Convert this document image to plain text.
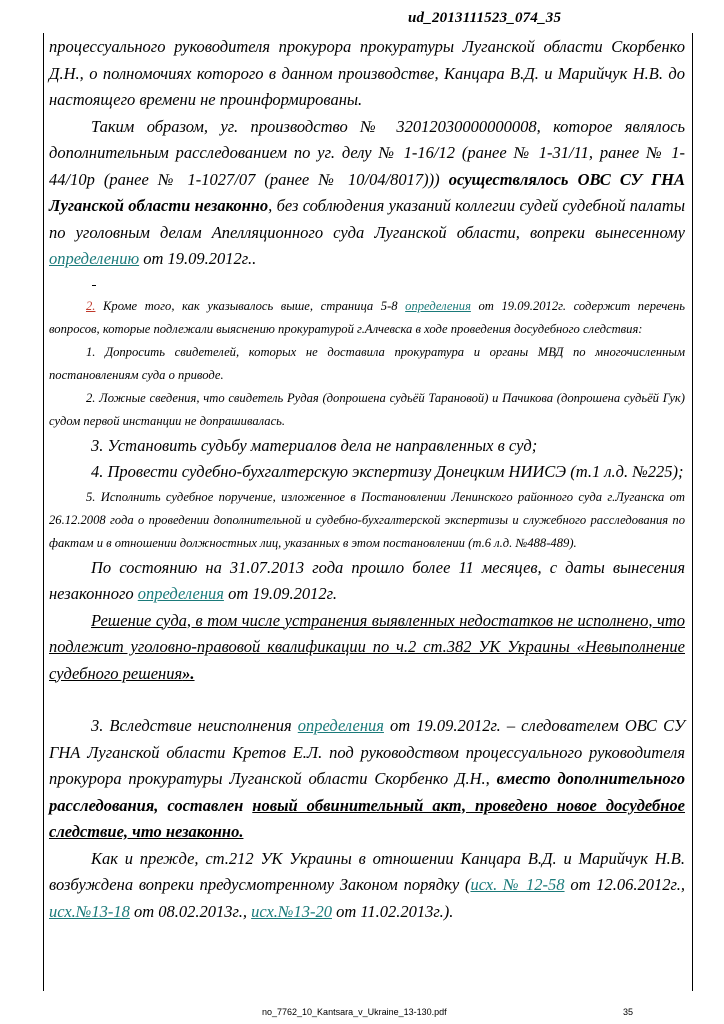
ud_2013111523_074_35

процессуального руководителя прокурора прокуратуры Луганской области Скорбенко Д.Н., о полномочиях которого в данном производстве, Канцара В.Д. и Марийчук Н.В. до настоящего времени не проинформированы.

Таким образом, уг. производство № 32012030000000008, которое являлось дополнительным расследованием по уг. делу № 1-16/12 (ранее № 1-31/11, ранее № 1-44/10р (ранее № 1-1027/07 (ранее № 10/04/8017))) осуществлялось ОВС СУ ГНА Луганской области незаконно, без соблюдения указаний коллегии судей судебной палаты по уголовным делам Апелляционного суда Луганской области, вопреки вынесенному определению от 19.09.2012г..

2. Кроме того, как указывалось выше, страница 5-8 определения от 19.09.2012г. содержит перечень вопросов, которые подлежали выяснению прокуратурой г.Алчевска в ходе проведения досудебного следствия:

1. Допросить свидетелей, которых не доставила прокуратура и органы МВД по многочисленным постановлениям суда о приводе.

2. Ложные сведения, что свидетель Рудая (допрошена судьёй Тарановой) и Пачикова (допрошена судьёй Гук) судом первой инстанции не допрашивалась.

3. Установить судьбу материалов дела не направленных в суд;

4. Провести судебно-бухгалтерскую экспертизу Донецким НИИСЭ (т.1 л.д. №225);

5. Исполнить судебное поручение, изложенное в Постановлении Ленинского районного суда г.Луганска от 26.12.2008 года о проведении дополнительной и судебно-бухгалтерской экспертизы и служебного расследования по фактам и в отношении должностных лиц, указанных в этом постановлении (т.6 л.д. №488-489).

По состоянию на 31.07.2013 года прошло более 11 месяцев, с даты вынесения незаконного определения от 19.09.2012г.

Решение суда, в том числе устранения выявленных недостатков не исполнено, что подлежит уголовно-правовой квалификации по ч.2 ст.382 УК Украины «Невыполнение судебного решения».

3. Вследствие неисполнения определения от 19.09.2012г. – следователем ОВС СУ ГНА Луганской области Кретов Е.Л. под руководством процессуального руководителя прокурора прокуратуры Луганской области Скорбенко Д.Н., вместо дополнительного расследования, составлен новый обвинительный акт, проведено новое досудебное следствие, что незаконно.

Как и прежде, ст.212 УК Украины в отношении Канцара В.Д. и Марийчук Н.В. возбуждена вопреки предусмотренному Законом порядку (исх. № 12-58 от 12.06.2012г., исх.№13-18 от 08.02.2013г., исх.№13-20 от 11.02.2013г.).

no_7762_10_Kantsara_v_Ukraine_13-130.pdf	35
